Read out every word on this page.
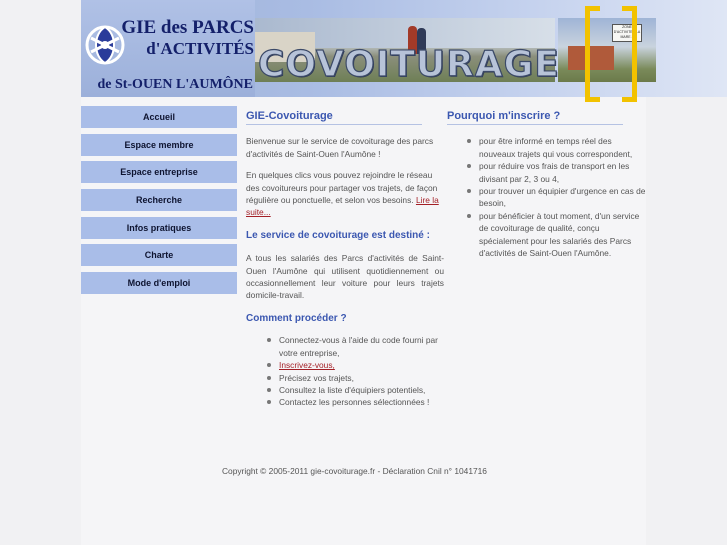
GIE des PARCS
d'ACTIVITÉS
de St-OUEN L'AUMÔNE
ZONE D'ACTIVITES LA MARE 2
COVOITURAGE
Accueil
Espace membre
Espace entreprise
Recherche
Infos pratiques
Charte
Mode d'emploi
GIE-Covoiturage

Bienvenue sur le service de covoiturage des parcs d'activités de Saint-Ouen l'Aumône !

En quelques clics vous pouvez rejoindre le réseau des covoitureurs pour partager vos trajets, de façon régulière ou ponctuelle, et selon vos besoins. Lire la suite...

Le service de covoiturage est destiné :

A tous les salariés des Parcs d'activités de Saint-Ouen l'Aumône qui utilisent quotidiennement ou occasionnellement leur voiture pour leurs trajets domicile-travail.

Comment procéder ?
Connectez-vous à l'aide du code fourni par votre entreprise,
Inscrivez-vous,
Précisez vos trajets,
Consultez la liste d'équipiers potentiels,
Contactez les personnes sélectionnées !
Pourquoi m'inscrire ?
pour être informé en temps réel des nouveaux trajets qui vous correspondent,
pour réduire vos frais de transport en les divisant par 2, 3 ou 4,
pour trouver un équipier d'urgence en cas de besoin,
pour bénéficier à tout moment, d'un service de covoiturage de qualité, conçu spécialement pour les salariés des Parcs d'activités de Saint-Ouen l'Aumône.
Copyright © 2005-2011 gie-covoiturage.fr - Déclaration Cnil n° 1041716
